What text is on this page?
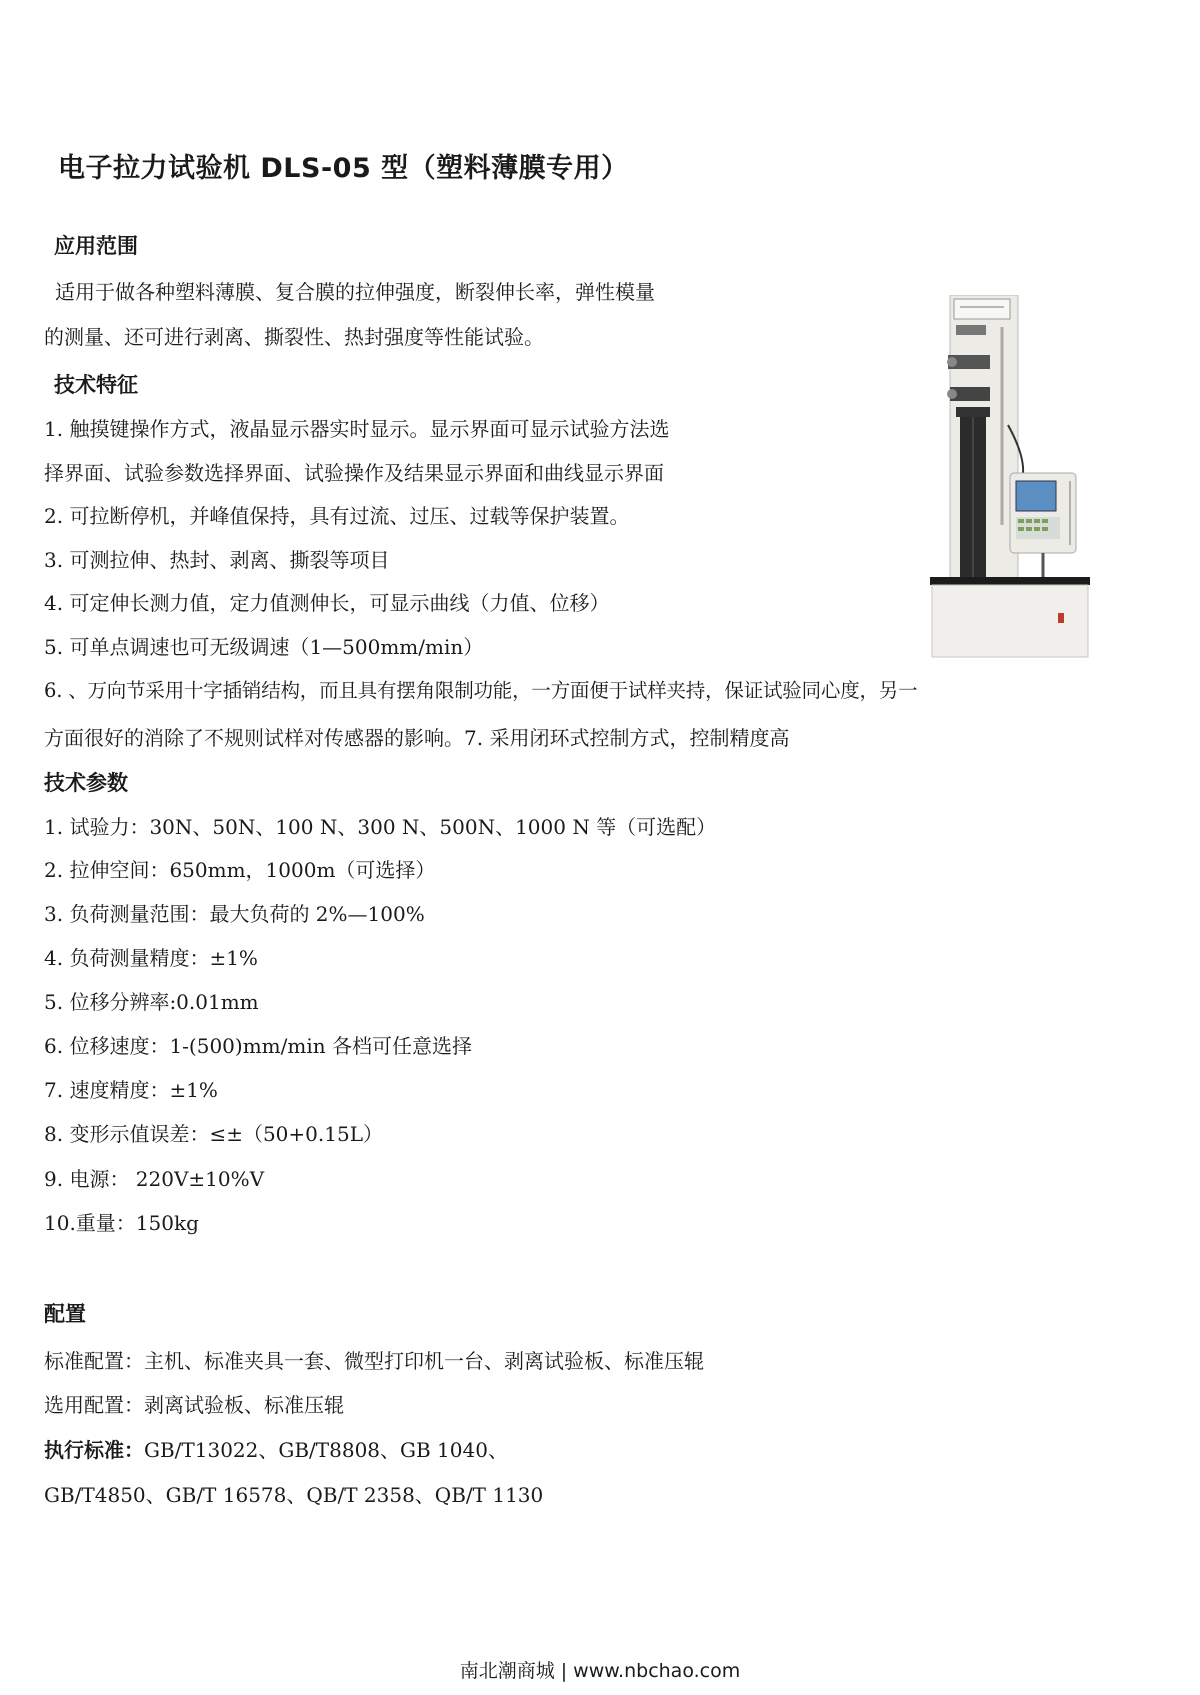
电子拉力试验机 DLS-05 型（塑料薄膜专用）
应用范围
适用于做各种塑料薄膜、复合膜的拉伸强度，断裂伸长率，弹性模量
的测量、还可进行剥离、撕裂性、热封强度等性能试验。
技术特征
1. 触摸键操作方式，液晶显示器实时显示。显示界面可显示试验方法选
择界面、试验参数选择界面、试验操作及结果显示界面和曲线显示界面
2. 可拉断停机，并峰值保持，具有过流、过压、过载等保护装置。
3. 可测拉伸、热封、剥离、撕裂等项目
4. 可定伸长测力值，定力值测伸长，可显示曲线（力值、位移）
5. 可单点调速也可无级调速（1—500mm/min）
6. 、万向节采用十字插销结构，而且具有摆角限制功能，一方面便于试样夹持，保证试验同心度，另一
方面很好的消除了不规则试样对传感器的影响。7. 采用闭环式控制方式，控制精度高
技术参数
1. 试验力：30N、50N、100 N、300 N、500N、1000 N 等（可选配）
2. 拉伸空间：650mm，1000m（可选择）
3. 负荷测量范围：最大负荷的 2%—100%
4. 负荷测量精度：±1%
5. 位移分辨率:0.01mm
6. 位移速度：1-(500)mm/min 各档可任意选择
7. 速度精度：±1%
8. 变形示值误差：≤±（50+0.15L）
9. 电源： 220V±10%V
10.重量：150kg
配置
标准配置：主机、标准夹具一套、微型打印机一台、剥离试验板、标准压辊
选用配置：剥离试验板、标准压辊
执行标准：GB/T13022、GB/T8808、GB 1040、
GB/T4850、GB/T 16578、QB/T 2358、QB/T 1130
南北潮商城 | www.nbchao.com
